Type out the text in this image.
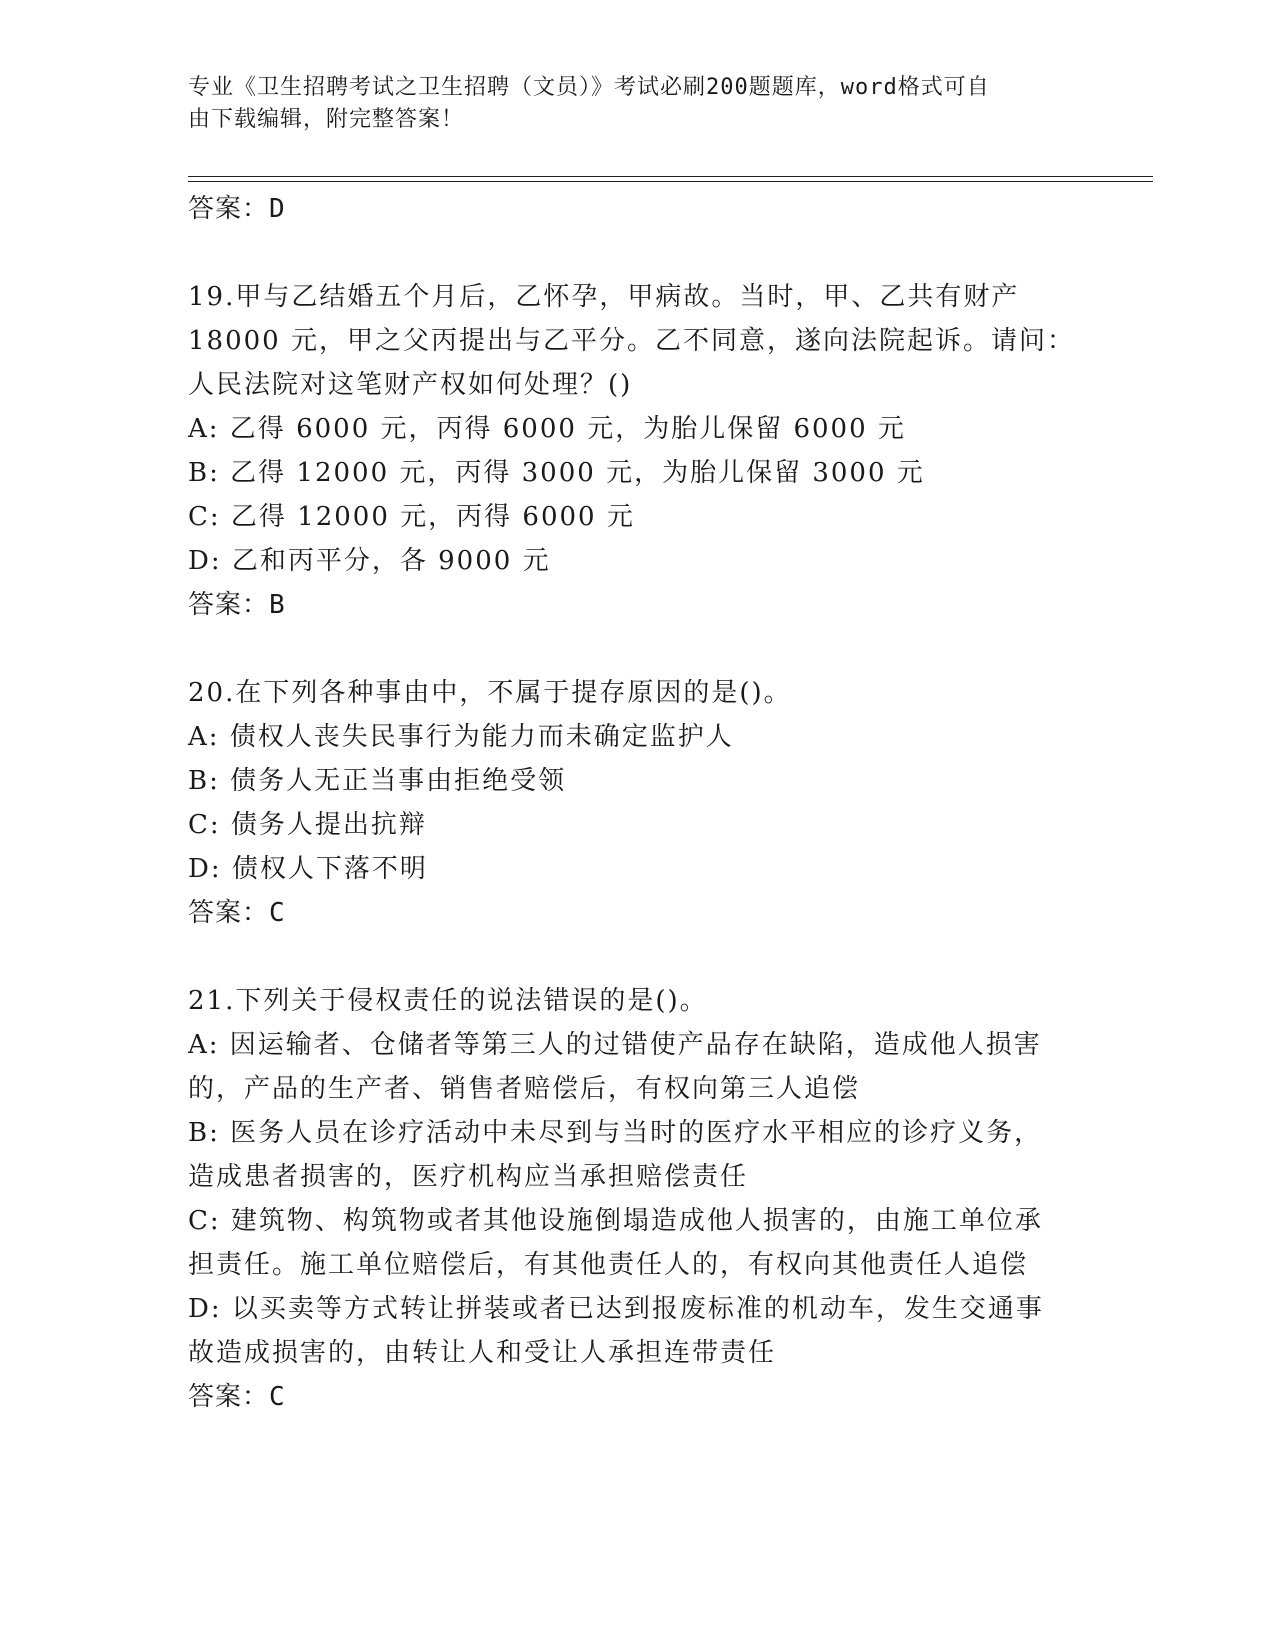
专业《卫生招聘考试之卫生招聘（文员）》考试必刷200题题库，word格式可自
由下载编辑，附完整答案！
答案：D
19.甲与乙结婚五个月后，乙怀孕，甲病故。当时，甲、乙共有财产
18000 元，甲之父丙提出与乙平分。乙不同意，遂向法院起诉。请问：
人民法院对这笔财产权如何处理？()
A: 乙得 6000 元，丙得 6000 元，为胎儿保留 6000 元
B: 乙得 12000 元，丙得 3000 元，为胎儿保留 3000 元
C: 乙得 12000 元，丙得 6000 元
D: 乙和丙平分，各 9000 元
答案：B
20.在下列各种事由中，不属于提存原因的是()。
A: 债权人丧失民事行为能力而未确定监护人
B: 债务人无正当事由拒绝受领
C: 债务人提出抗辩
D: 债权人下落不明
答案：C
21.下列关于侵权责任的说法错误的是()。
A: 因运输者、仓储者等第三人的过错使产品存在缺陷，造成他人损害
的，产品的生产者、销售者赔偿后，有权向第三人追偿
B: 医务人员在诊疗活动中未尽到与当时的医疗水平相应的诊疗义务，
造成患者损害的，医疗机构应当承担赔偿责任
C: 建筑物、构筑物或者其他设施倒塌造成他人损害的，由施工单位承
担责任。施工单位赔偿后，有其他责任人的，有权向其他责任人追偿
D: 以买卖等方式转让拼装或者已达到报废标准的机动车，发生交通事
故造成损害的，由转让人和受让人承担连带责任
答案：C
